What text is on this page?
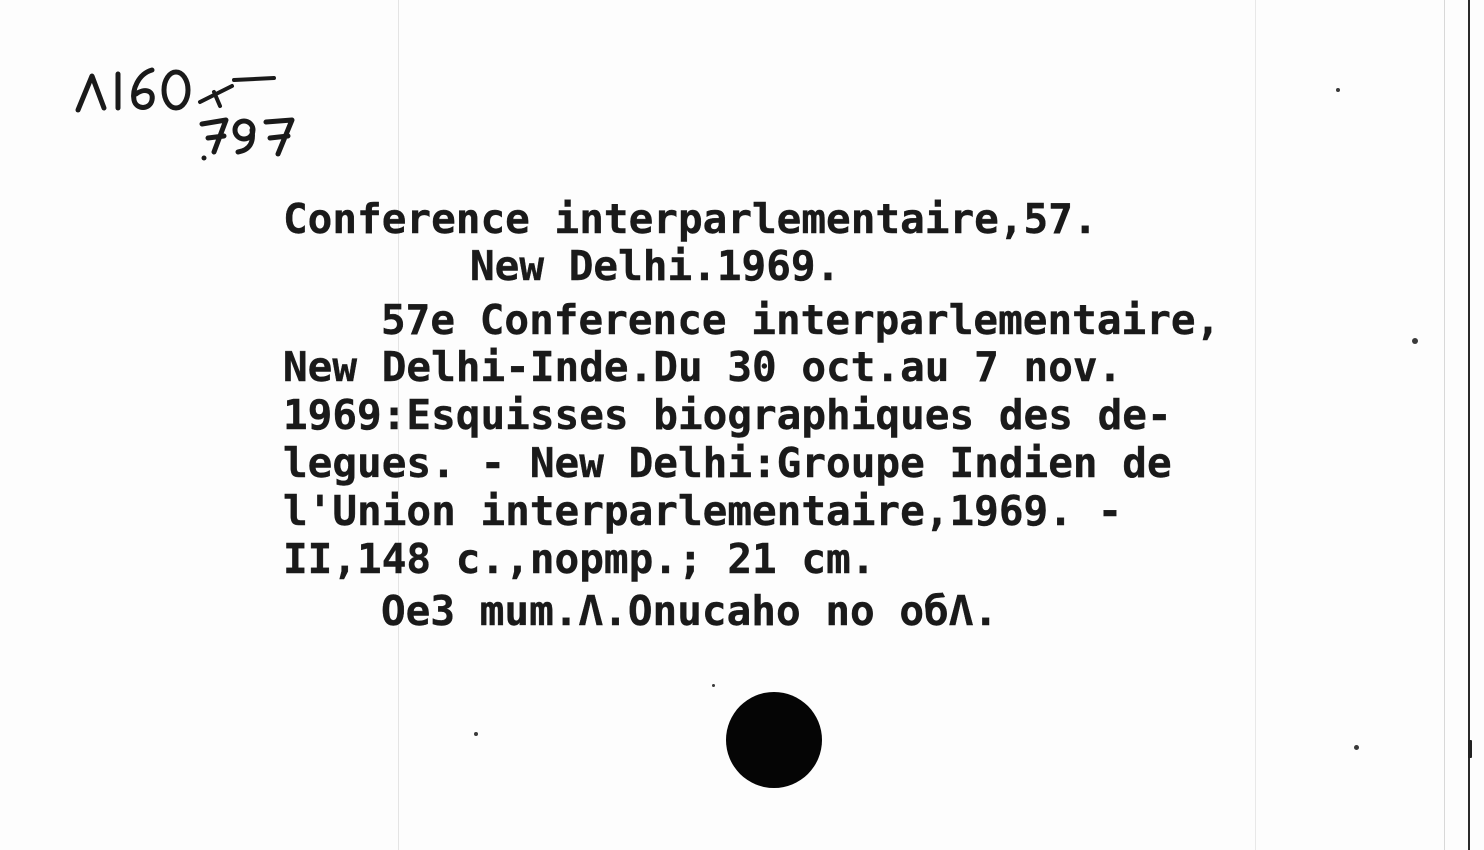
Conference interparlementaire,57.
New Delhi.1969.
57e Conference interparlementaire,
New Delhi-Inde.Du 30 oct.au 7 nov.
1969:Esquisses biographiques des de-
legues. - New Delhi:Groupe Indien de
l'Union interparlementaire,1969. -
II,148 c.,nopmp.; 21 cm.
Oe3 mum.Λ.Onucaho no oбΛ.
